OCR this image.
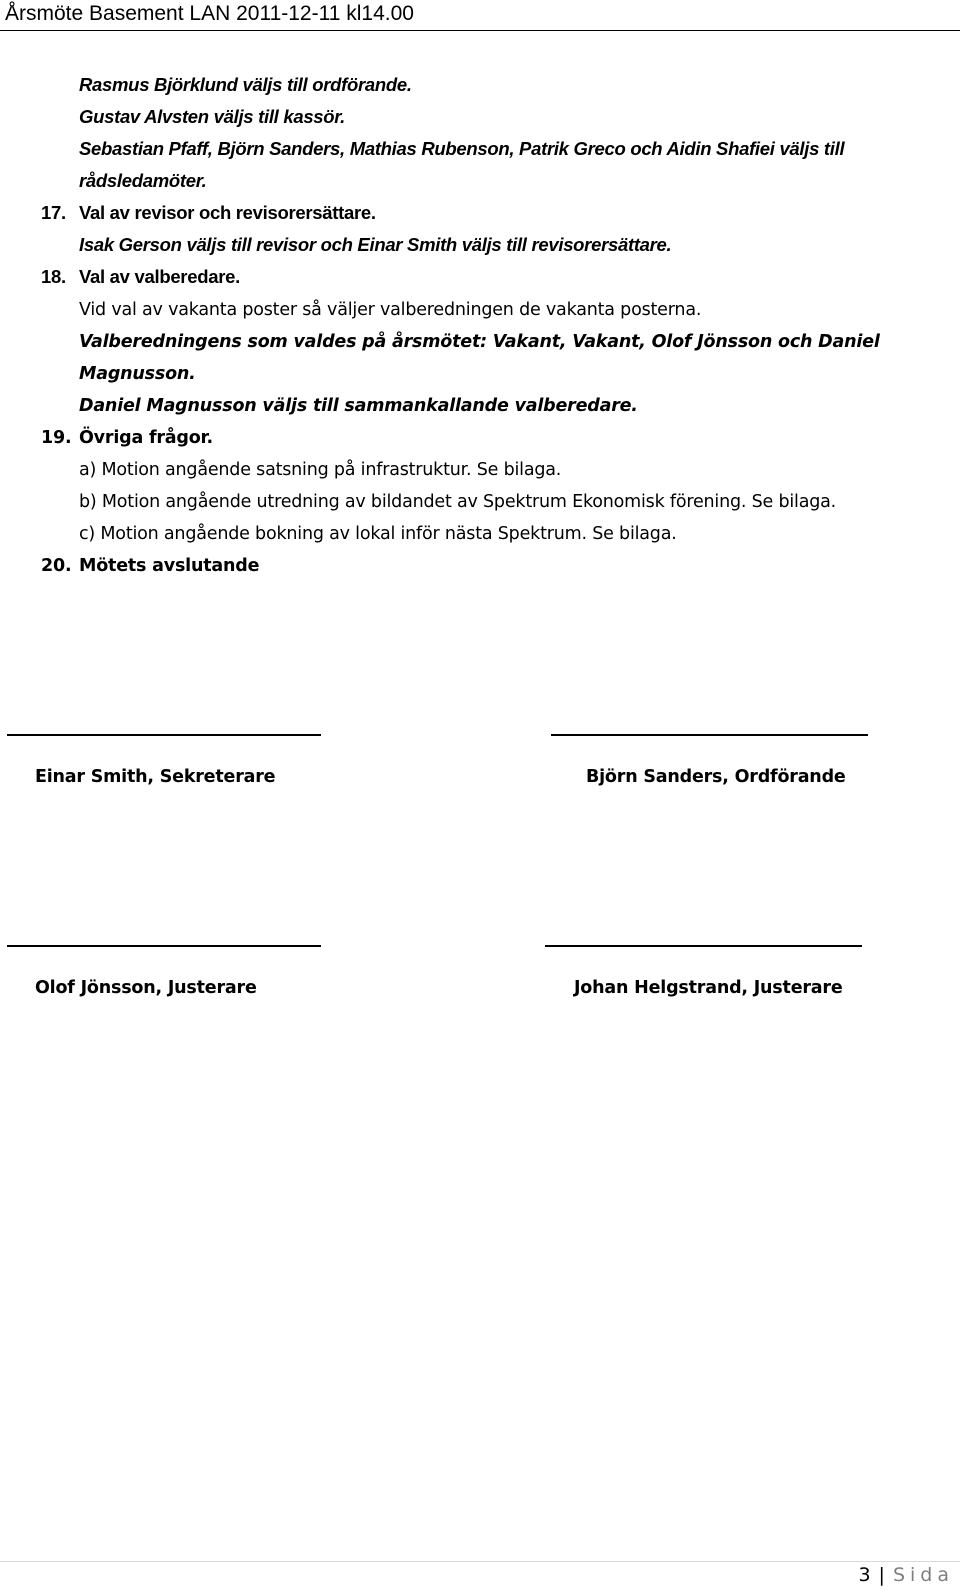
Årsmöte Basement LAN 2011-12-11 kl14.00
Rasmus Björklund väljs till ordförande.
Gustav Alvsten väljs till kassör.
Sebastian Pfaff, Björn Sanders, Mathias Rubenson, Patrik Greco och Aidin Shafiei väljs till
rådsledamöter.
17. Val av revisor och revisorersättare.
Isak Gerson väljs till revisor och Einar Smith väljs till revisorersättare.
18. Val av valberedare.
Vid val av vakanta poster så väljer valberedningen de vakanta posterna.
Valberedningens som valdes på årsmötet: Vakant, Vakant, Olof Jönsson och Daniel
Magnusson.
Daniel Magnusson väljs till sammankallande valberedare.
19. Övriga frågor.
a) Motion angående satsning på infrastruktur. Se bilaga.
b) Motion angående utredning av bildandet av Spektrum Ekonomisk förening. Se bilaga.
c) Motion angående bokning av lokal inför nästa Spektrum. Se bilaga.
20. Mötets avslutande
Einar Smith, Sekreterare	Björn Sanders, Ordförande
Olof Jönsson, Justerare	Johan Helgstrand, Justerare
3 | Sida
